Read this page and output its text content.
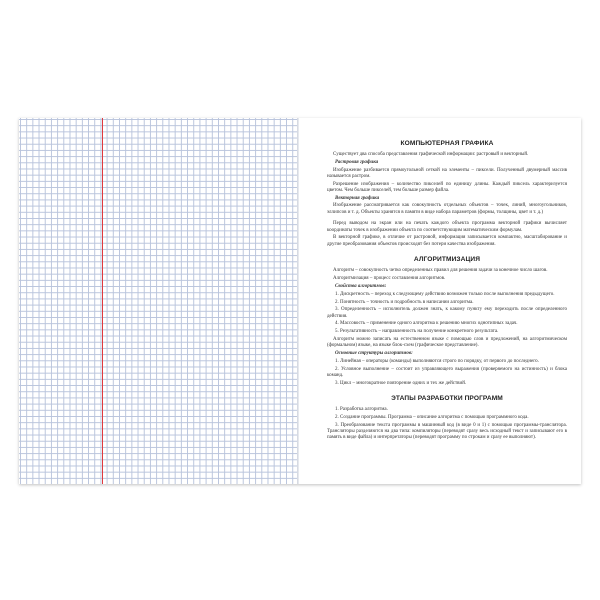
КОМПЬЮТЕРНАЯ ГРАФИКА

Существует два способа представления графической информации: растровый и векторный.

Растровая графика

Изображение разбивается прямоугольной сеткой на элементы – пиксели. Полученный двумерный массив называется растром.

Разрешение изображения – количество пикселей по единицу длины. Каждый пиксель характеризуется цветом. Чем больше пикселей, тем больше размер файла.

Векторная графика

Изображение рассматривается как совокупность отдельных объектов – точек, линий, многоугольников, эллипсов и т. д. Объекты хранятся в памяти в виде набора параметров (формы, толщины, цвет и т. д.)

Перед выводом на экран или на печать каждого объекта программа векторной графики вычисляет координаты точек в изображении объекта по соответствующим математическим формулам.

В векторной графике, в отличие от растровой, информация записывается компактно, масштабирование и другие преобразования объектов происходят без потери качества изображения.

АЛГОРИТМИЗАЦИЯ

Алгоритм – совокупность четко определенных правил для решения задачи за конечное число шагов.

Алгоритмизация – процесс составления алгоритмов.

Свойства алгоритмов:

1. Дискретность – переход к следующему действию возможен только после выполнения предыдущего.

2. Понятность – точность и подробность в написании алгоритма.

3. Определенность – исполнитель должен знать, к какому пункту ему переходить после определенного действия.

4. Массовость – применение одного алгоритма к решению многих однотипных задач.

5. Результативность – направленность на получение конкретного результата.

Алгоритм можно записать на естественном языке с помощью слов и предложений, на алгоритмическом (формальном) языке, на языке блок-схем (графическое представление).

Основные структуры алгоритмов:

1. Линейная – операторы (команды) выполняются строго по порядку, от первого до последнего.

2. Условное выполнение – состоит из управляющего выражения (проверяемого на истинность) и блока команд.

3. Цикл – многократное повторение одних и тех же действий.

ЭТАПЫ РАЗРАБОТКИ ПРОГРАММ

1. Разработка алгоритма.

2. Создание программы. Программа – описание алгоритма с помощью программного кода.

3. Преобразование текста программы в машинный код (в виде 0 и 1) с помощью программы-транслятора. Трансляторы разделяются на два типа: компиляторы (переводят сразу весь исходный текст и записывают его в память в виде файла) и интерпретаторы (переводят программу по строкам и сразу ее выполняют).
